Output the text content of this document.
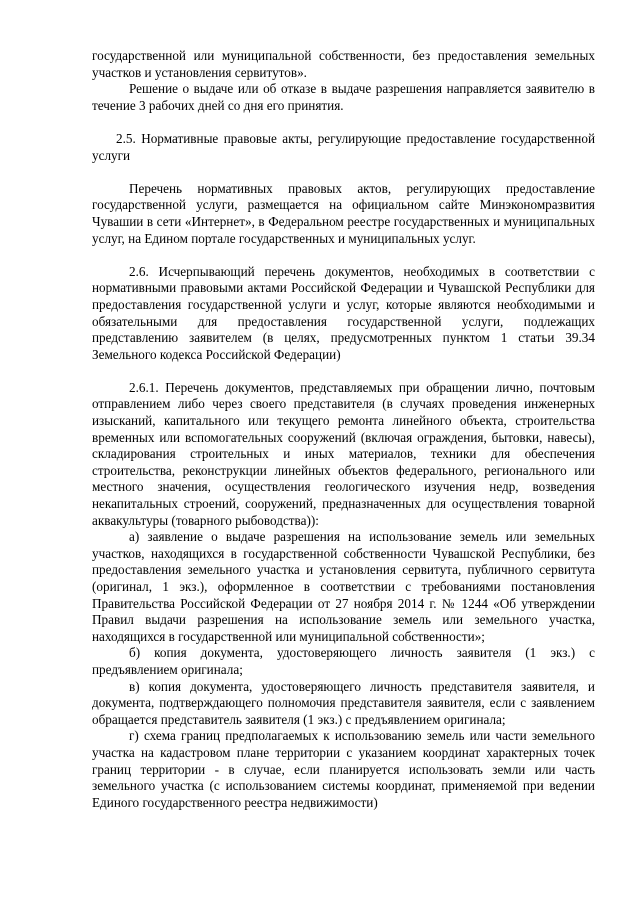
государственной или муниципальной собственности, без предоставления земельных участков и установления сервитутов».

Решение о выдаче или об отказе в выдаче разрешения направляется заявителю в течение 3 рабочих дней со дня его принятия.

2.5. Нормативные правовые акты, регулирующие предоставление государственной услуги

Перечень нормативных правовых актов, регулирующих предоставление государственной услуги, размещается на официальном сайте Минэкономразвития Чувашии в сети «Интернет», в Федеральном реестре государственных и муниципальных услуг, на Едином портале государственных и муниципальных услуг.

2.6. Исчерпывающий перечень документов, необходимых в соответствии с нормативными правовыми актами Российской Федерации и Чувашской Республики для предоставления государственной услуги и услуг, которые являются необходимыми и обязательными для предоставления государственной услуги, подлежащих представлению заявителем (в целях, предусмотренных пунктом 1 статьи 39.34 Земельного кодекса Российской Федерации)

2.6.1. Перечень документов, представляемых при обращении лично, почтовым отправлением либо через своего представителя (в случаях проведения инженерных изысканий, капитального или текущего ремонта линейного объекта, строительства временных или вспомогательных сооружений (включая ограждения, бытовки, навесы), складирования строительных и иных материалов, техники для обеспечения строительства, реконструкции линейных объектов федерального, регионального или местного значения, осуществления геологического изучения недр, возведения некапитальных строений, сооружений, предназначенных для осуществления товарной аквакультуры (товарного рыбоводства)):

а) заявление о выдаче разрешения на использование земель или земельных участков, находящихся в государственной собственности Чувашской Республики, без предоставления земельного участка и установления сервитута, публичного сервитута (оригинал, 1 экз.), оформленное в соответствии с требованиями постановления Правительства Российской Федерации от 27 ноября 2014 г. № 1244 «Об утверждении Правил выдачи разрешения на использование земель или земельного участка, находящихся в государственной или муниципальной собственности»;

б) копия документа, удостоверяющего личность заявителя (1 экз.) с предъявлением оригинала;

в) копия документа, удостоверяющего личность представителя заявителя, и документа, подтверждающего полномочия представителя заявителя, если с заявлением обращается представитель заявителя (1 экз.) с предъявлением оригинала;

г) схема границ предполагаемых к использованию земель или части земельного участка на кадастровом плане территории с указанием координат характерных точек границ территории - в случае, если планируется использовать земли или часть земельного участка (с использованием системы координат, применяемой при ведении Единого государственного реестра недвижимости)
